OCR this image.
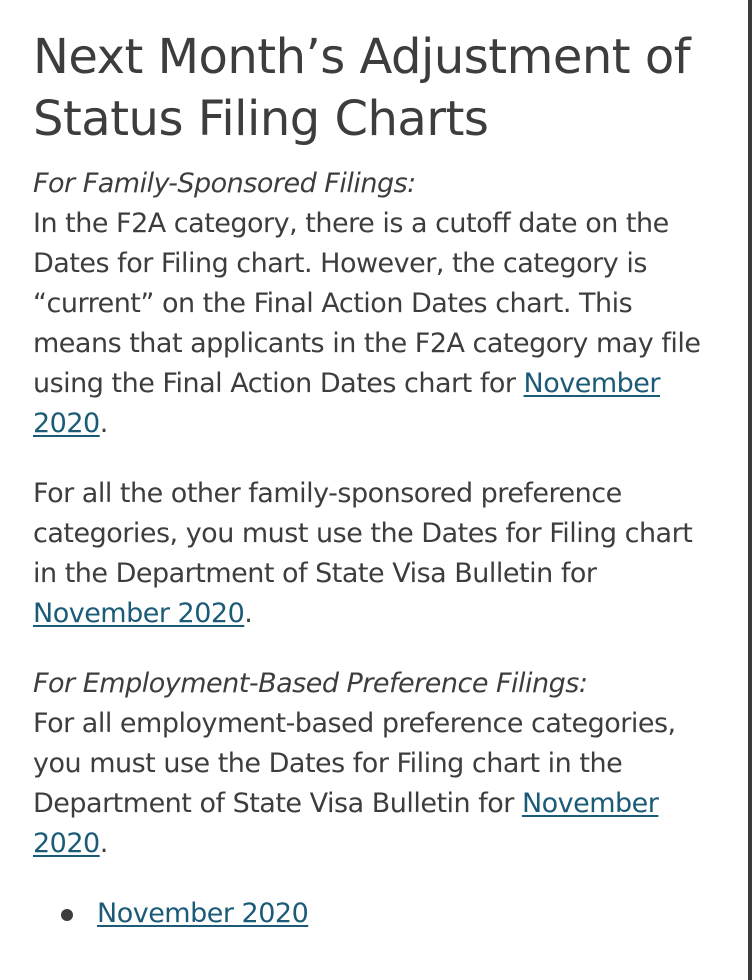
Next Month’s Adjustment of Status Filing Charts

For Family-Sponsored Filings:
In the F2A category, there is a cutoff date on the Dates for Filing chart. However, the category is “current” on the Final Action Dates chart. This means that applicants in the F2A category may file using the Final Action Dates chart for November 2020.

For all the other family-sponsored preference categories, you must use the Dates for Filing chart in the Department of State Visa Bulletin for November 2020.

For Employment-Based Preference Filings:
For all employment-based preference categories, you must use the Dates for Filing chart in the Department of State Visa Bulletin for November 2020.

November 2020
